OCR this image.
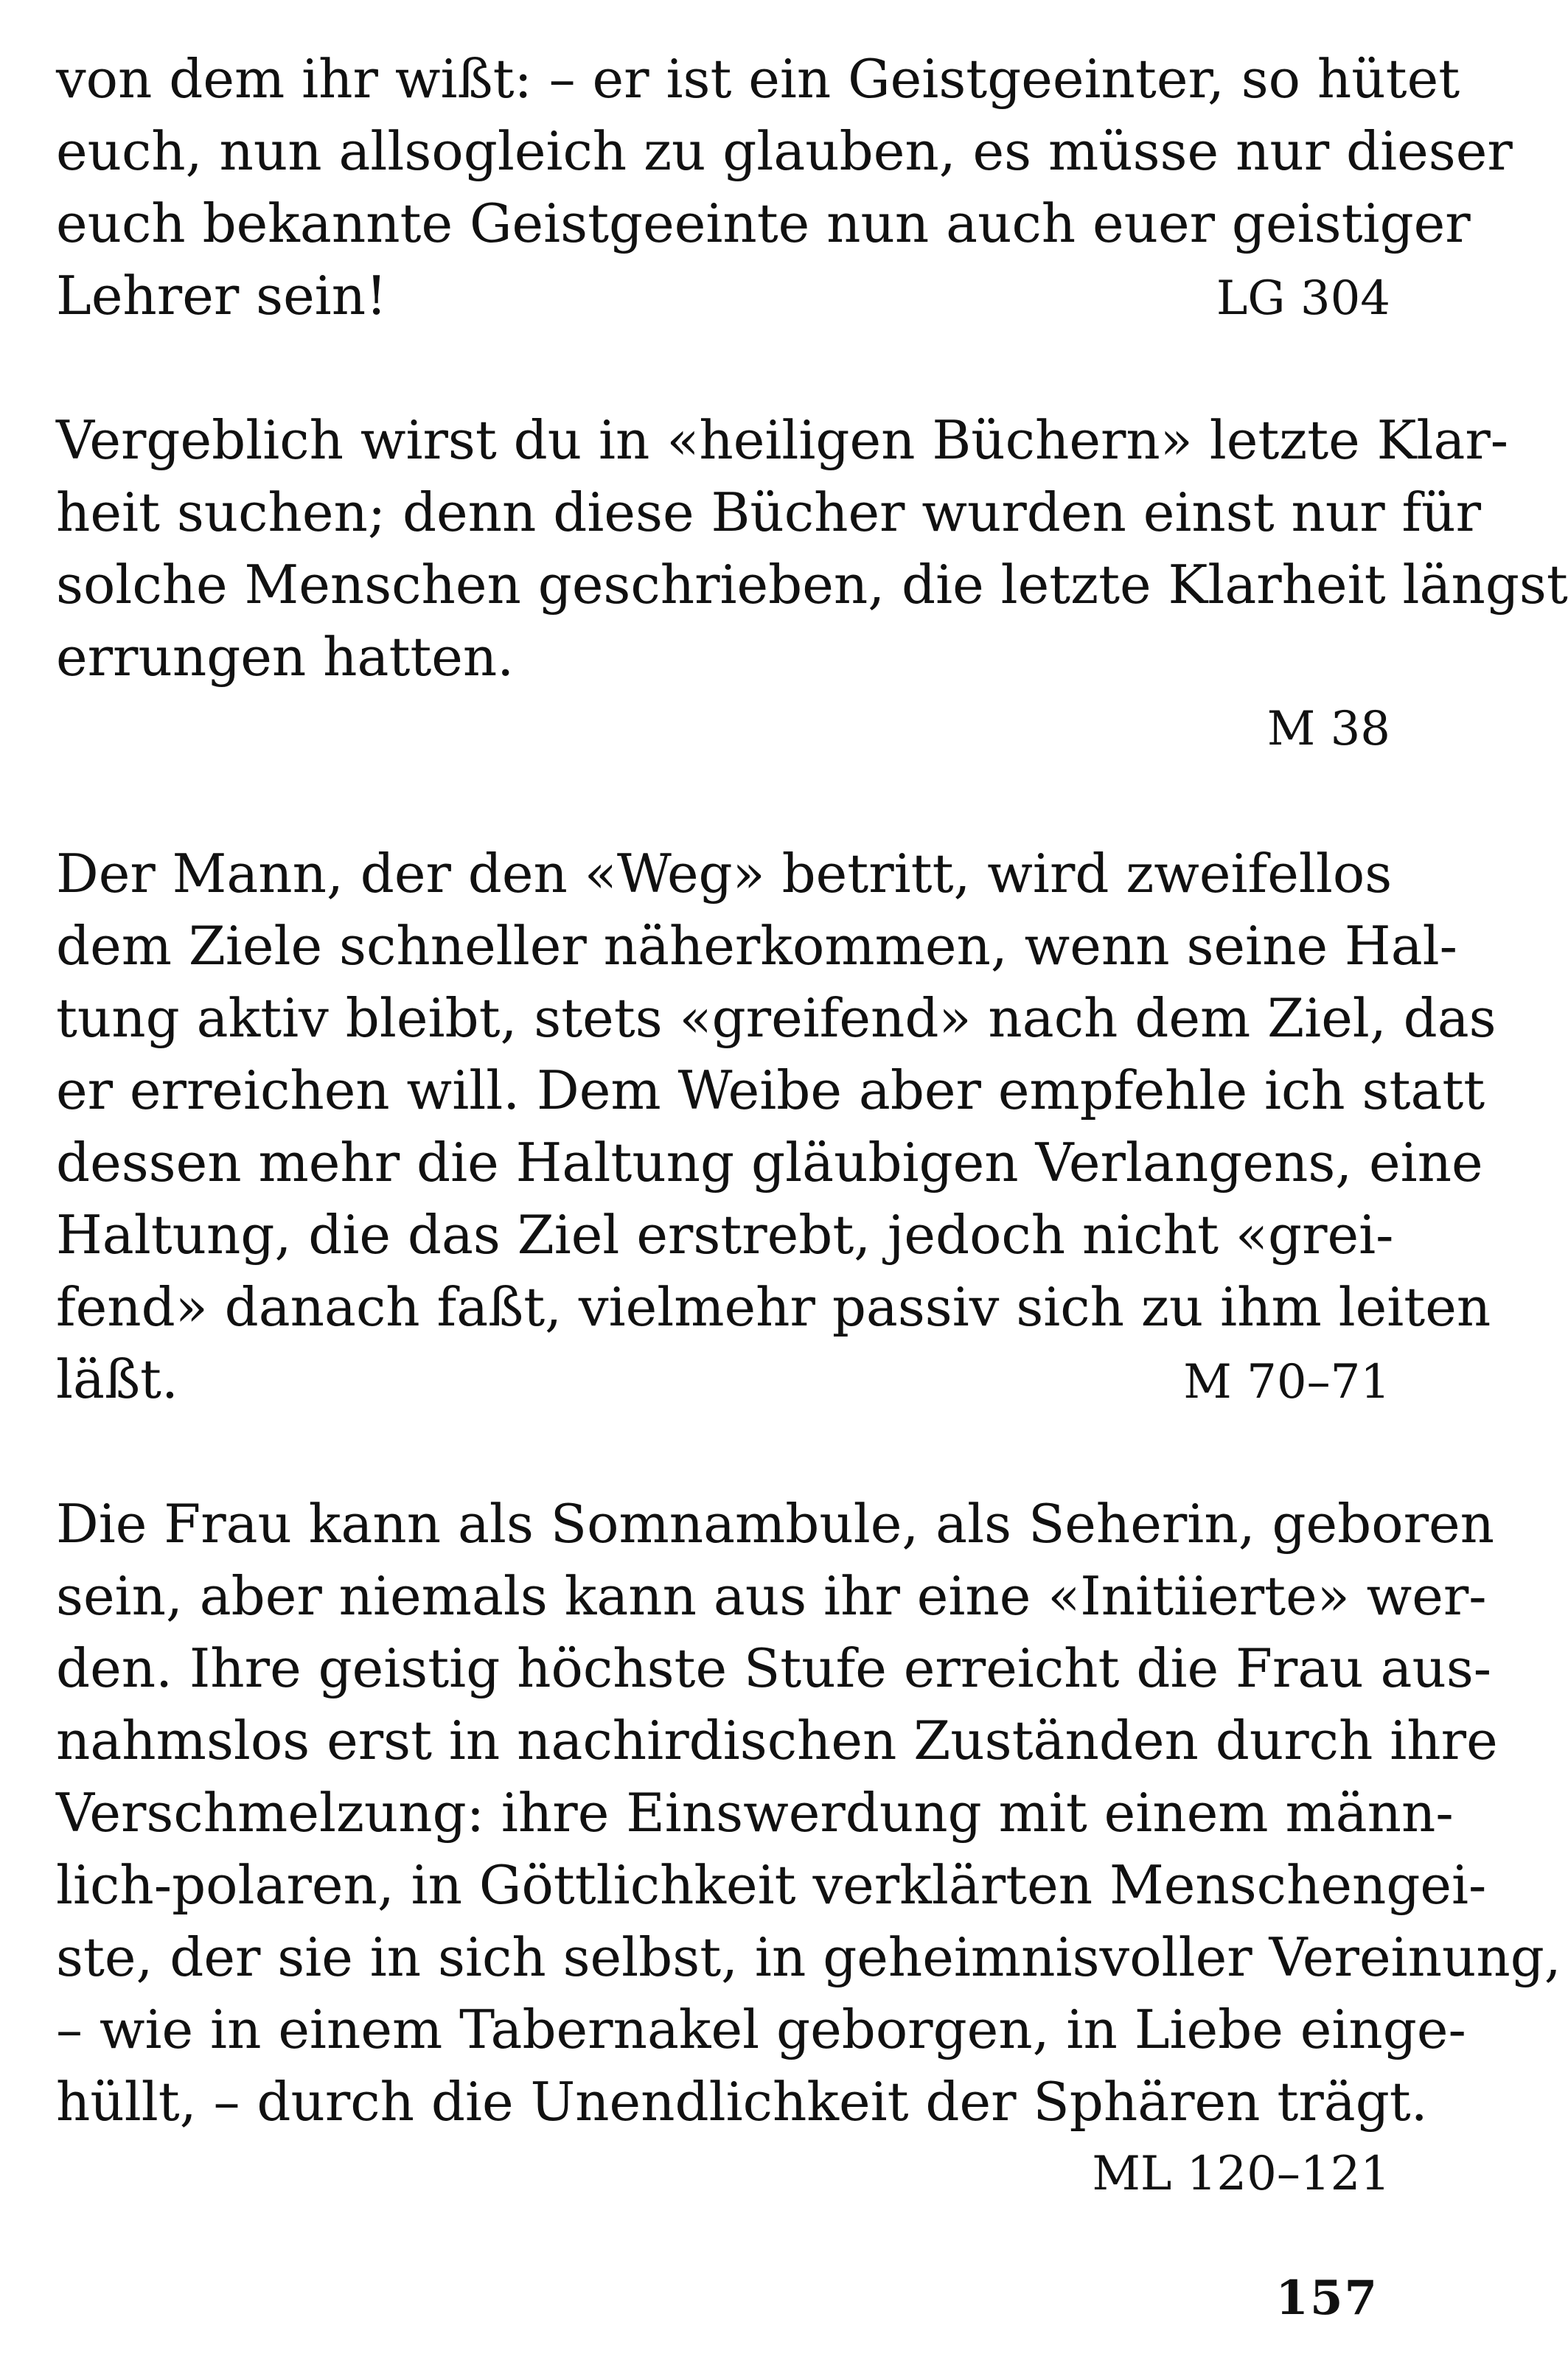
von dem ihr wißt: – er ist ein Geistgeeinter, so hütet
euch, nun allsogleich zu glauben, es müsse nur dieser
euch bekannte Geistgeeinte nun auch euer geistiger
Lehrer sein!	LG 304
Vergeblich wirst du in «heiligen Büchern» letzte Klar-
heit suchen; denn diese Bücher wurden einst nur für
solche Menschen geschrieben, die letzte Klarheit längst
errungen hatten.
M 38
Der Mann, der den «Weg» betritt, wird zweifellos
dem Ziele schneller näherkommen, wenn seine Hal-
tung aktiv bleibt, stets «greifend» nach dem Ziel, das
er erreichen will. Dem Weibe aber empfehle ich statt
dessen mehr die Haltung gläubigen Verlangens, eine
Haltung, die das Ziel erstrebt, jedoch nicht «grei-
fend» danach faßt, vielmehr passiv sich zu ihm leiten
läßt.	M 70–71
Die Frau kann als Somnambule, als Seherin, geboren
sein, aber niemals kann aus ihr eine «Initiierte» wer-
den. Ihre geistig höchste Stufe erreicht die Frau aus-
nahmslos erst in nachirdischen Zuständen durch ihre
Verschmelzung: ihre Einswerdung mit einem männ-
lich-polaren, in Göttlichkeit verklärten Menschengei-
ste, der sie in sich selbst, in geheimnisvoller Vereinung,
– wie in einem Tabernakel geborgen, in Liebe einge-
hüllt, – durch die Unendlichkeit der Sphären trägt.
ML 120–121
157
